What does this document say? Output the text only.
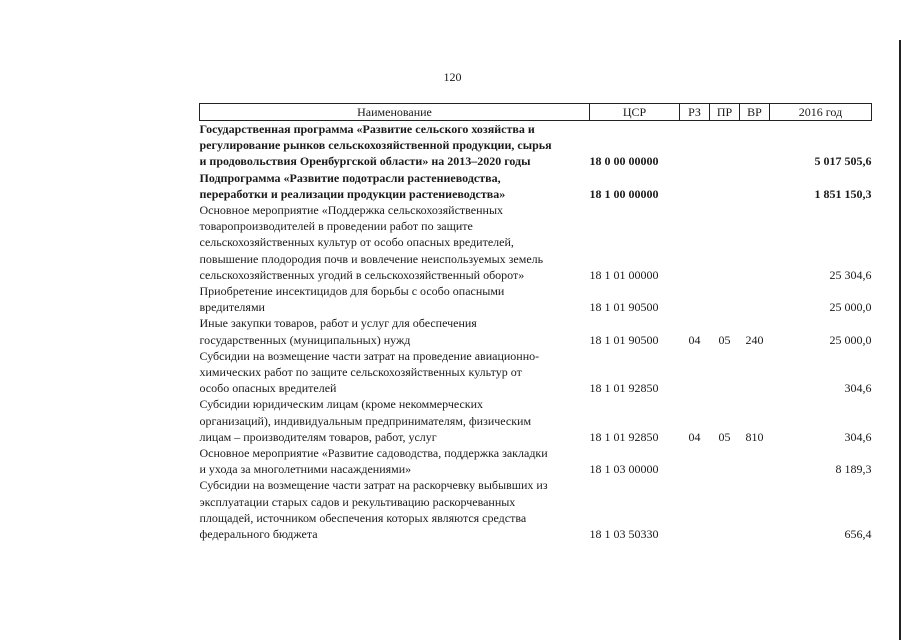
120
Наименование	ЦСР	РЗ	ПР	ВР	2016 год

Государственная программа «Развитие сельского хозяйства и
регулирование рынков сельскохозяйственной продукции, сырья
и продовольствия Оренбургской области» на 2013–2020 годы	18 0 00 00000				5 017 505,6

Подпрограмма «Развитие подотрасли растениеводства,
переработки и реализации продукции растениеводства»	18 1 00 00000				1 851 150,3

Основное мероприятие «Поддержка сельскохозяйственных
товаропроизводителей в проведении работ по защите
сельскохозяйственных культур от особо опасных вредителей,
повышение плодородия почв и вовлечение неиспользуемых земель
сельскохозяйственных угодий в сельскохозяйственный оборот»	18 1 01 00000				25 304,6

Приобретение инсектицидов для борьбы с особо опасными
вредителями	18 1 01 90500				25 000,0

Иные закупки товаров, работ и услуг для обеспечения
государственных (муниципальных) нужд	18 1 01 90500	04	05	240	25 000,0

Субсидии на возмещение части затрат на проведение авиационно-
химических работ по защите сельскохозяйственных культур от
особо опасных вредителей	18 1 01 92850				304,6

Субсидии юридическим лицам (кроме некоммерческих
организаций), индивидуальным предпринимателям, физическим
лицам – производителям товаров, работ, услуг	18 1 01 92850	04	05	810	304,6

Основное мероприятие «Развитие садоводства, поддержка закладки
и ухода за многолетними насаждениями»	18 1 03 00000				8 189,3

Субсидии на возмещение части затрат на раскорчевку выбывших из
эксплуатации старых садов и рекультивацию раскорчеванных
площадей, источником обеспечения которых являются средства
федерального бюджета	18 1 03 50330				656,4
